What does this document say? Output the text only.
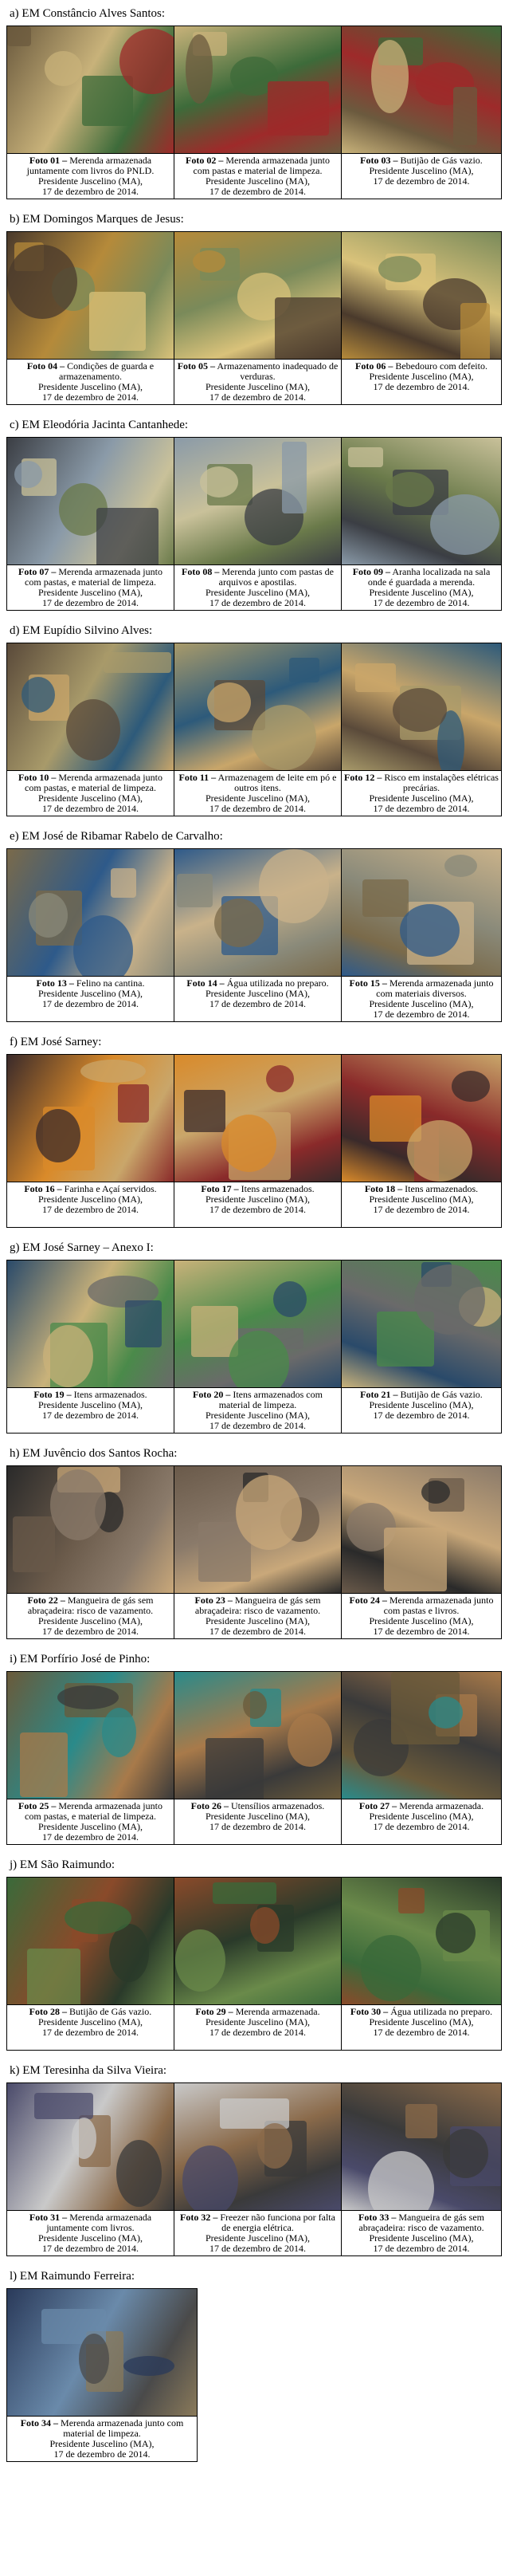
a) EM Constâncio Alves Santos:
Foto 01 – Merenda armazenada juntamente com livros do PNLD.
Presidente Juscelino (MA),
17 de dezembro de 2014.
Foto 02 – Merenda armazenada junto com pastas e material de limpeza.
Presidente Juscelino (MA),
17 de dezembro de 2014.
Foto 03 – Butijão de Gás vazio.
Presidente Juscelino (MA),
17 de dezembro de 2014.
b) EM Domingos Marques de Jesus:
Foto 04 – Condições de guarda e armazenamento.
Presidente Juscelino (MA),
17 de dezembro de 2014.
Foto 05 – Armazenamento inadequado de verduras.
Presidente Juscelino (MA),
17 de dezembro de 2014.
Foto 06 – Bebedouro com defeito.
Presidente Juscelino (MA),
17 de dezembro de 2014.
c) EM Eleodória Jacinta Cantanhede:
Foto 07 – Merenda armazenada junto com pastas, e material de limpeza.
Presidente Juscelino (MA),
17 de dezembro de 2014.
Foto 08 – Merenda junto com pastas de arquivos e apostilas.
Presidente Juscelino (MA),
17 de dezembro de 2014.
Foto 09 – Aranha localizada na sala onde é guardada a merenda.
Presidente Juscelino (MA),
17 de dezembro de 2014.
d) EM Eupídio Silvino Alves:
Foto 10 – Merenda armazenada junto com pastas, e material de limpeza.
Presidente Juscelino (MA),
17 de dezembro de 2014.
Foto 11 – Armazenagem de leite em pó e outros itens.
Presidente Juscelino (MA),
17 de dezembro de 2014.
Foto 12 – Risco em instalações elétricas precárias.
Presidente Juscelino (MA),
17 de dezembro de 2014.
e) EM José de Ribamar Rabelo de Carvalho:
Foto 13 – Felino na cantina.
Presidente Juscelino (MA),
17 de dezembro de 2014.
Foto 14 – Água utilizada no preparo.
Presidente Juscelino (MA),
17 de dezembro de 2014.
Foto 15 – Merenda armazenada junto com materiais diversos.
Presidente Juscelino (MA),
17 de dezembro de 2014.
f) EM José Sarney:
Foto 16 – Farinha e Açaí servidos.
Presidente Juscelino (MA),
17 de dezembro de 2014.
Foto 17 – Itens armazenados.
Presidente Juscelino (MA),
17 de dezembro de 2014.
Foto 18 – Itens armazenados.
Presidente Juscelino (MA),
17 de dezembro de 2014.
g) EM José Sarney – Anexo I:
Foto 19 – Itens armazenados.
Presidente Juscelino (MA),
17 de dezembro de 2014.
Foto 20 – Itens armazenados com material de limpeza.
Presidente Juscelino (MA),
17 de dezembro de 2014.
Foto 21 – Butijão de Gás vazio.
Presidente Juscelino (MA),
17 de dezembro de 2014.
h) EM Juvêncio dos Santos Rocha:
Foto 22 – Mangueira de gás sem abraçadeira: risco de vazamento.
Presidente Juscelino (MA),
17 de dezembro de 2014.
Foto 23 – Mangueira de gás sem abraçadeira: risco de vazamento.
Presidente Juscelino (MA),
17 de dezembro de 2014.
Foto 24 – Merenda armazenada junto com pastas e livros.
Presidente Juscelino (MA),
17 de dezembro de 2014.
i) EM Porfírio José de Pinho:
Foto 25 – Merenda armazenada junto com pastas, e material de limpeza.
Presidente Juscelino (MA),
17 de dezembro de 2014.
Foto 26 – Utensílios armazenados.
Presidente Juscelino (MA),
17 de dezembro de 2014.
Foto 27 – Merenda armazenada.
Presidente Juscelino (MA),
17 de dezembro de 2014.
j) EM São Raimundo:
Foto 28 – Butijão de Gás vazio.
Presidente Juscelino (MA),
17 de dezembro de 2014.
Foto 29 – Merenda armazenada.
Presidente Juscelino (MA),
17 de dezembro de 2014.
Foto 30 – Água utilizada no preparo.
Presidente Juscelino (MA),
17 de dezembro de 2014.
k) EM Teresinha da Silva Vieira:
Foto 31 – Merenda armazenada juntamente com livros.
Presidente Juscelino (MA),
17 de dezembro de 2014.
Foto 32 – Freezer não funciona por falta de energia elétrica.
Presidente Juscelino (MA),
17 de dezembro de 2014.
Foto 33 – Mangueira de gás sem abraçadeira: risco de vazamento.
Presidente Juscelino (MA),
17 de dezembro de 2014.
l) EM Raimundo Ferreira:
Foto 34 – Merenda armazenada junto com material de limpeza.
Presidente Juscelino (MA),
17 de dezembro de 2014.
